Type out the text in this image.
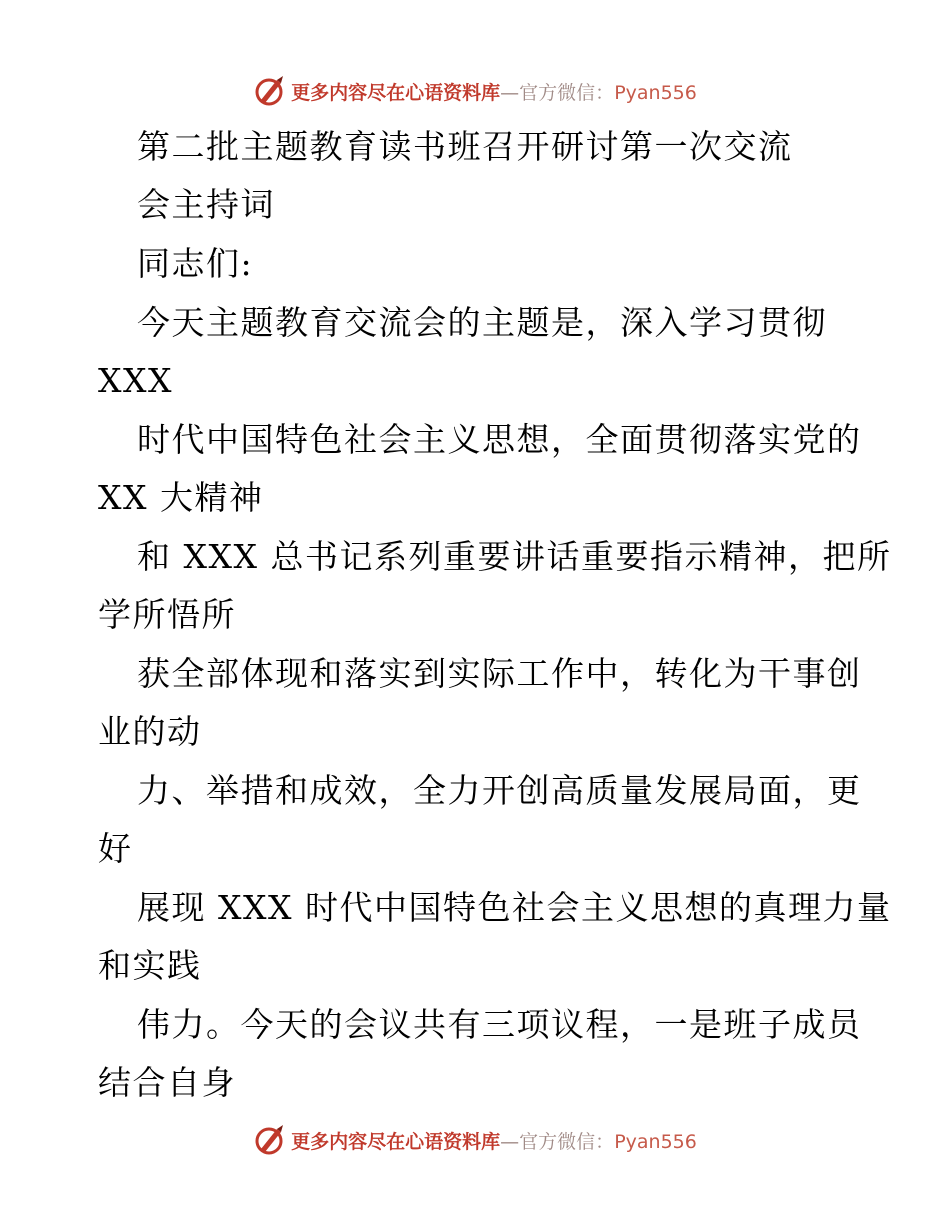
更多内容尽在心语资料库—官方微信：Pyan556
第二批主题教育读书班召开研讨第一次交流
会主持词
同志们:
今天主题教育交流会的主题是，深入学习贯彻
XXX
时代中国特色社会主义思想，全面贯彻落实党的
XX 大精神
和 XXX 总书记系列重要讲话重要指示精神，把所
学所悟所
获全部体现和落实到实际工作中，转化为干事创
业的动
力、举措和成效，全力开创高质量发展局面，更
好
展现 XXX 时代中国特色社会主义思想的真理力量
和实践
伟力。今天的会议共有三项议程，一是班子成员
结合自身
更多内容尽在心语资料库—官方微信：Pyan556
